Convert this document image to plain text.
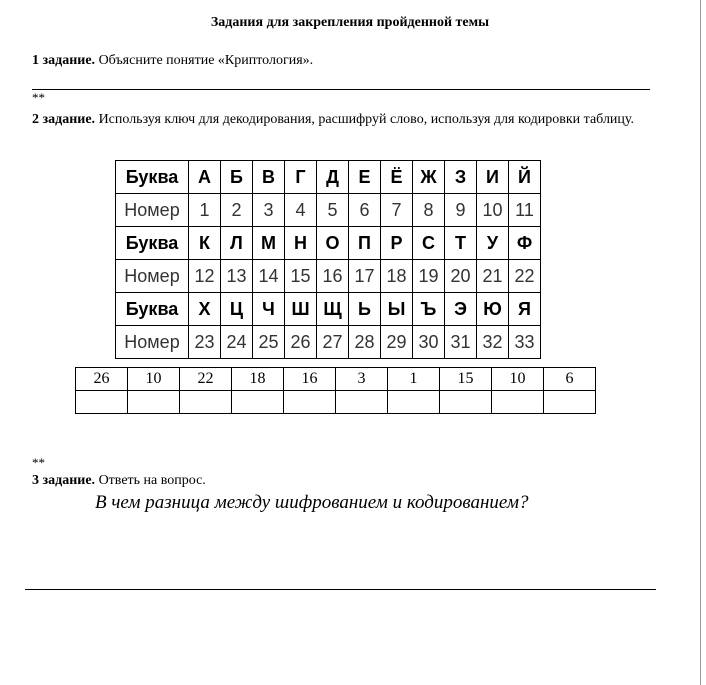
Задания для закрепления пройденной темы
1 задание. Объясните понятие «Криптология».
**
2 задание. Используя ключ для декодирования, расшифруй слово, используя для кодировки таблицу.
Буква	А	Б	В	Г	Д	Е	Ё	Ж	З	И	Й
Номер	1	2	3	4	5	6	7	8	9	10	11
Буква	К	Л	М	Н	О	П	Р	С	Т	У	Ф
Номер	12	13	14	15	16	17	18	19	20	21	22
Буква	Х	Ц	Ч	Ш	Щ	Ь	Ы	Ъ	Э	Ю	Я
Номер	23	24	25	26	27	28	29	30	31	32	33
26	10	22	18	16	3	1	15	10	6

**
3 задание. Ответь на вопрос.
В чем разница между шифрованием и кодированием?
